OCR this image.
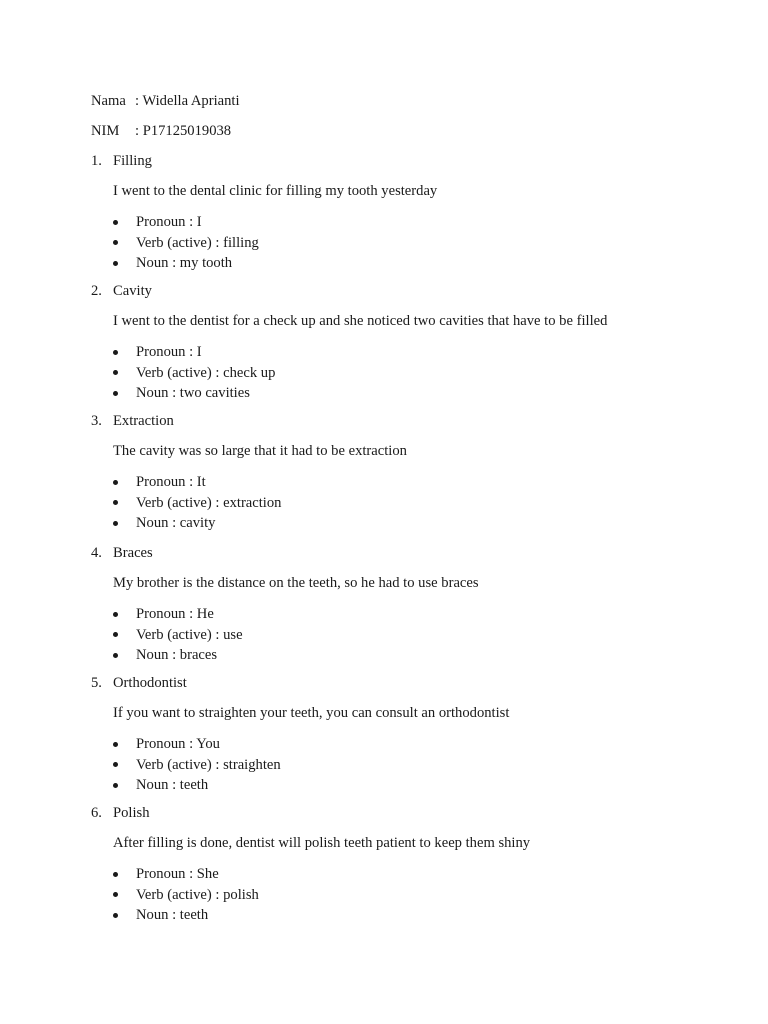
Nama : Widella Aprianti
NIM : P17125019038
1. Filling
I went to the dental clinic for filling my tooth yesterday
Pronoun : I
Verb (active) : filling
Noun : my tooth
2. Cavity
I went to the dentist for a check up and she noticed two cavities that have to be filled
Pronoun : I
Verb (active) : check up
Noun : two cavities
3. Extraction
The cavity was so large that it had to be extraction
Pronoun : It
Verb (active) : extraction
Noun : cavity
4. Braces
My brother is the distance on the teeth, so he had to use braces
Pronoun : He
Verb (active) : use
Noun : braces
5. Orthodontist
If you want to straighten your teeth, you can consult an orthodontist
Pronoun : You
Verb (active) : straighten
Noun : teeth
6. Polish
After filling is done, dentist will polish teeth patient to keep them shiny
Pronoun : She
Verb (active) : polish
Noun : teeth
